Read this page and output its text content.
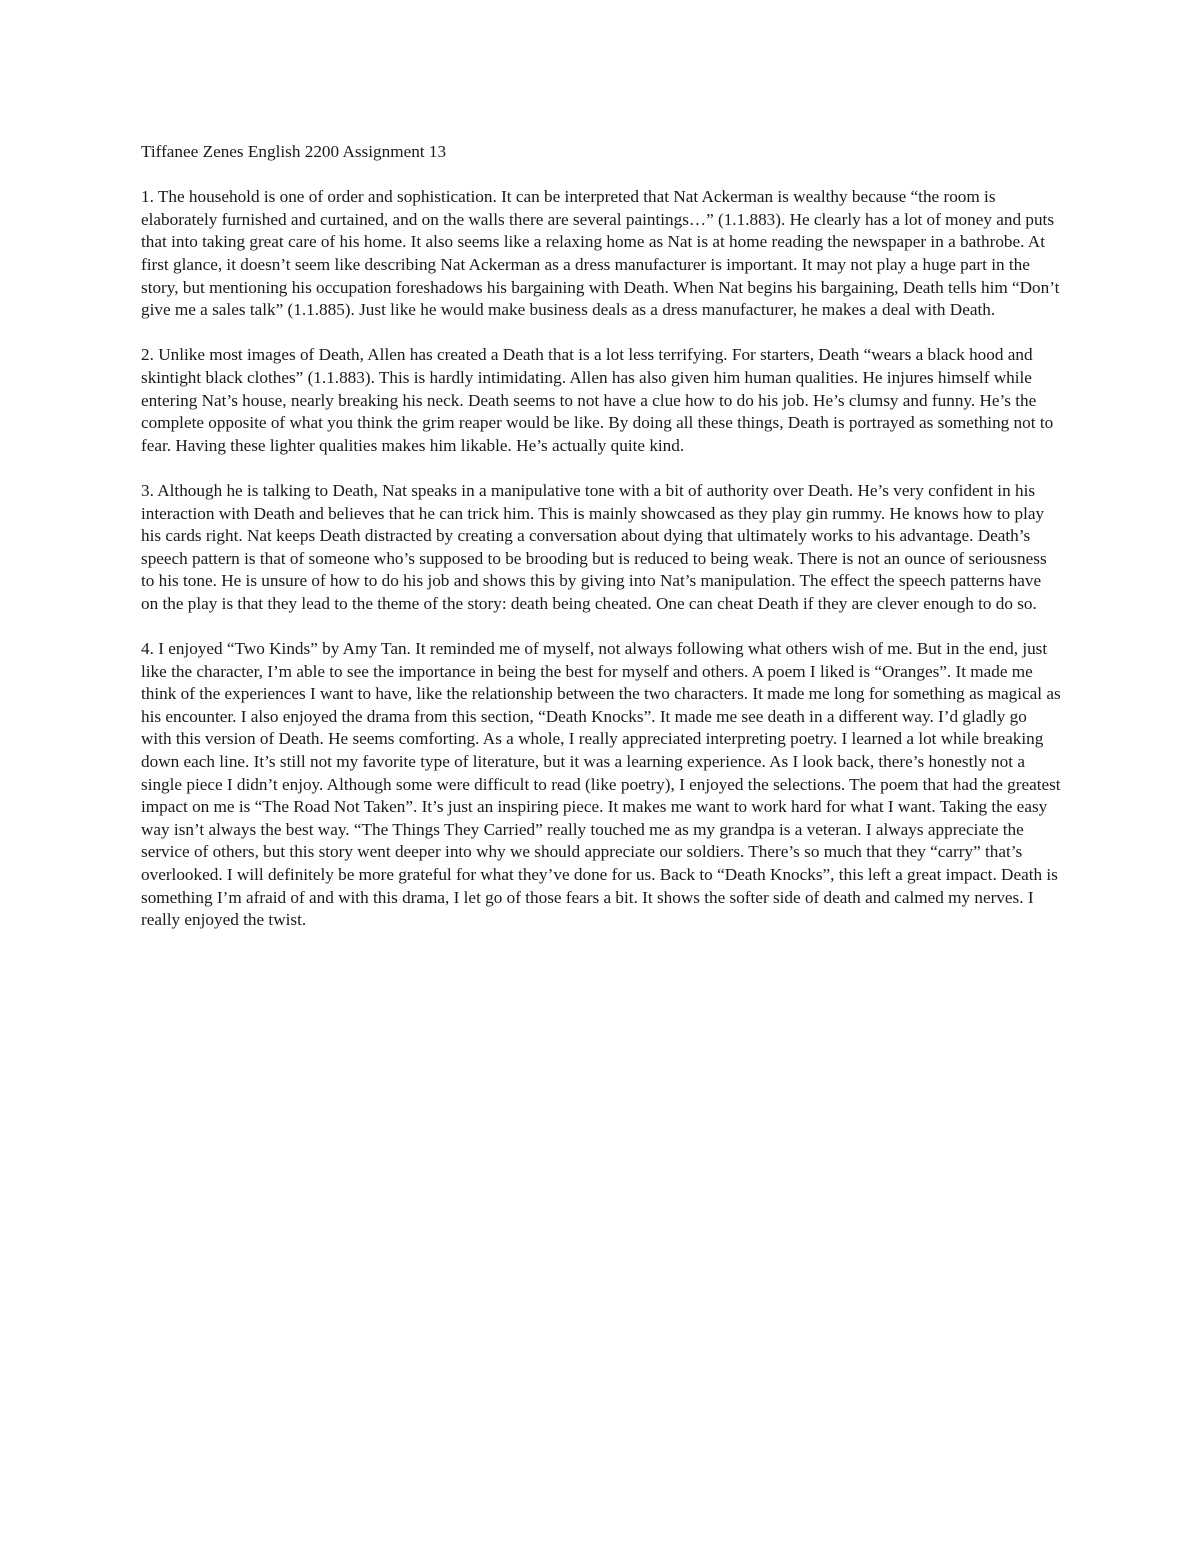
Tiffanee Zenes English 2200 Assignment 13

1. The household is one of order and sophistication. It can be interpreted that Nat Ackerman is wealthy because “the room is elaborately furnished and curtained, and on the walls there are several paintings…” (1.1.883). He clearly has a lot of money and puts that into taking great care of his home. It also seems like a relaxing home as Nat is at home reading the newspaper in a bathrobe. At first glance, it doesn’t seem like describing Nat Ackerman as a dress manufacturer is important. It may not play a huge part in the story, but mentioning his occupation foreshadows his bargaining with Death. When Nat begins his bargaining, Death tells him “Don’t give me a sales talk” (1.1.885). Just like he would make business deals as a dress manufacturer, he makes a deal with Death.

2. Unlike most images of Death, Allen has created a Death that is a lot less terrifying. For starters, Death “wears a black hood and skintight black clothes” (1.1.883). This is hardly intimidating. Allen has also given him human qualities. He injures himself while entering Nat’s house, nearly breaking his neck. Death seems to not have a clue how to do his job. He’s clumsy and funny. He’s the complete opposite of what you think the grim reaper would be like. By doing all these things, Death is portrayed as something not to fear. Having these lighter qualities makes him likable. He’s actually quite kind.

3. Although he is talking to Death, Nat speaks in a manipulative tone with a bit of authority over Death. He’s very confident in his interaction with Death and believes that he can trick him. This is mainly showcased as they play gin rummy. He knows how to play his cards right. Nat keeps Death distracted by creating a conversation about dying that ultimately works to his advantage. Death’s speech pattern is that of someone who’s supposed to be brooding but is reduced to being weak. There is not an ounce of seriousness to his tone. He is unsure of how to do his job and shows this by giving into Nat’s manipulation. The effect the speech patterns have on the play is that they lead to the theme of the story: death being cheated. One can cheat Death if they are clever enough to do so.

4. I enjoyed “Two Kinds” by Amy Tan. It reminded me of myself, not always following what others wish of me. But in the end, just like the character, I’m able to see the importance in being the best for myself and others. A poem I liked is “Oranges”. It made me think of the experiences I want to have, like the relationship between the two characters. It made me long for something as magical as his encounter. I also enjoyed the drama from this section, “Death Knocks”. It made me see death in a different way. I’d gladly go with this version of Death. He seems comforting. As a whole, I really appreciated interpreting poetry. I learned a lot while breaking down each line. It’s still not my favorite type of literature, but it was a learning experience. As I look back, there’s honestly not a single piece I didn’t enjoy. Although some were difficult to read (like poetry), I enjoyed the selections. The poem that had the greatest impact on me is “The Road Not Taken”. It’s just an inspiring piece. It makes me want to work hard for what I want. Taking the easy way isn’t always the best way. “The Things They Carried” really touched me as my grandpa is a veteran. I always appreciate the service of others, but this story went deeper into why we should appreciate our soldiers. There’s so much that they “carry” that’s overlooked. I will definitely be more grateful for what they’ve done for us. Back to “Death Knocks”, this left a great impact. Death is something I’m afraid of and with this drama, I let go of those fears a bit. It shows the softer side of death and calmed my nerves. I really enjoyed the twist.
